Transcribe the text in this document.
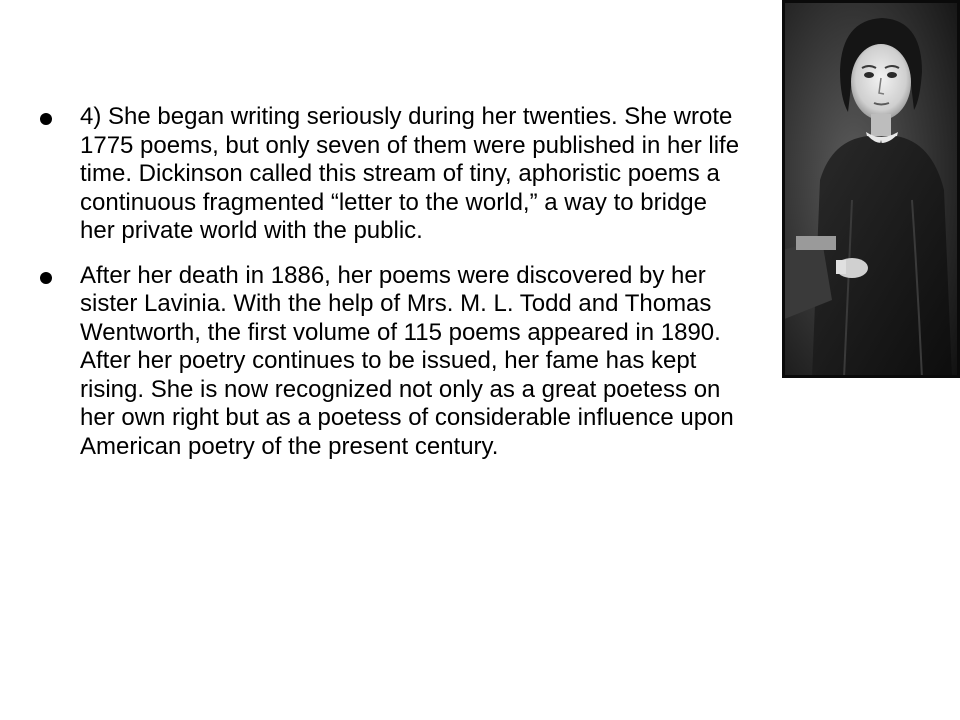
4) She began writing seriously during her twenties. She wrote 1775 poems, but only seven of them were published in her life time. Dickinson called this stream of tiny, aphoristic poems a continuous fragmented “letter to the world,” a way to bridge her private world with the public.
After her death in 1886, her poems were discovered by her sister Lavinia. With the help of Mrs. M. L. Todd and Thomas Wentworth, the first volume of 115 poems appeared in 1890. After her poetry continues to be issued, her fame has kept rising. She is now recognized not only as a great poetess on her own right but as a poetess of considerable influence upon American poetry of the present century.
